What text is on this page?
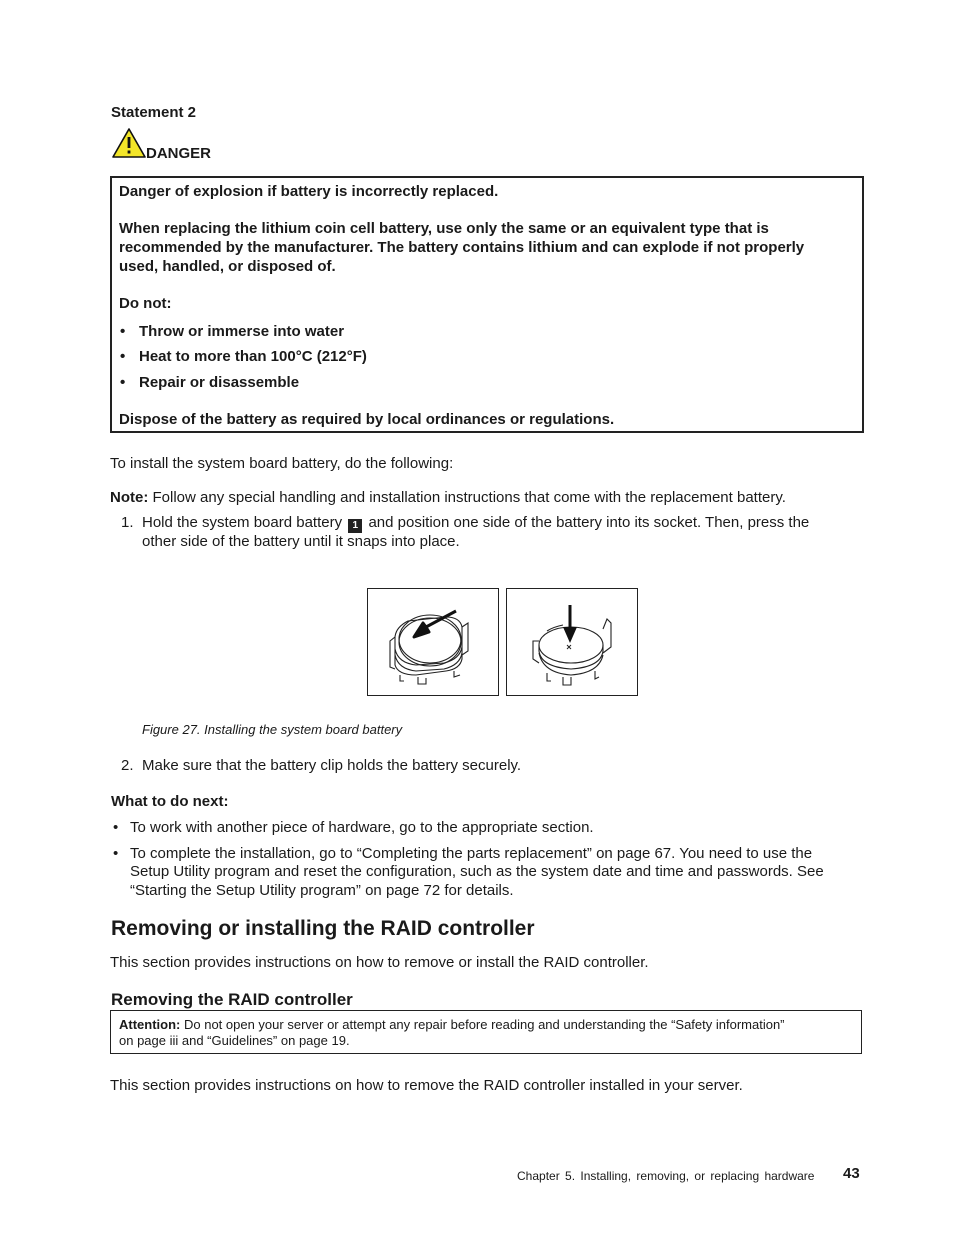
Statement 2
DANGER
Danger of explosion if battery is incorrectly replaced.
When replacing the lithium coin cell battery, use only the same or an equivalent type that is
recommended by the manufacturer. The battery contains lithium and can explode if not properly
used, handled, or disposed of.
Do not:
• Throw or immerse into water
• Heat to more than 100°C (212°F)
• Repair or disassemble
Dispose of the battery as required by local ordinances or regulations.
To install the system board battery, do the following:
Note: Follow any special handling and installation instructions that come with the replacement battery.
1. Hold the system board battery 1 and position one side of the battery into its socket. Then, press the
other side of the battery until it snaps into place.
Figure 27. Installing the system board battery
2. Make sure that the battery clip holds the battery securely.
What to do next:
• To work with another piece of hardware, go to the appropriate section.
• To complete the installation, go to “Completing the parts replacement” on page 67. You need to use the
Setup Utility program and reset the configuration, such as the system date and time and passwords. See
“Starting the Setup Utility program” on page 72 for details.
Removing or installing the RAID controller
This section provides instructions on how to remove or install the RAID controller.
Removing the RAID controller
Attention: Do not open your server or attempt any repair before reading and understanding the “Safety information”
on page iii and “Guidelines” on page 19.
This section provides instructions on how to remove the RAID controller installed in your server.
Chapter 5. Installing, removing, or replacing hardware 43
